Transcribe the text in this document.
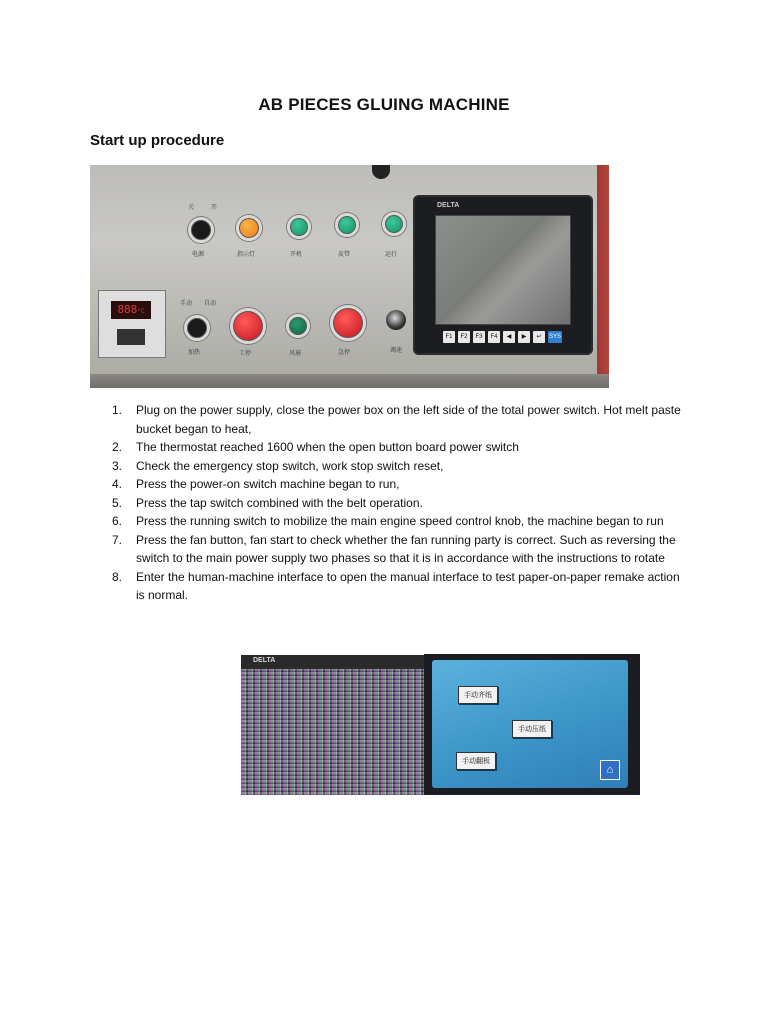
AB PIECES GLUING MACHINE
Start up procedure
关	开
电源	指示灯	开机	皮带	运行
888°C
手动 自动
加热	工停	风扇	急停	调速
DELTA
F1	F2	F3	F4	◀	▶	↵	SYS
1. Plug on the power supply, close the power box on the left side of the total power switch. Hot melt paste bucket began to heat,
2. The thermostat reached 1600 when the open button board power switch
3. Check the emergency stop switch, work stop switch reset,
4. Press the power-on switch machine began to run,
5. Press the tap switch combined with the belt operation.
6. Press the running switch to mobilize the main engine speed control knob, the machine began to run
7. Press the fan button, fan start to check whether the fan running party is correct. Such as reversing the switch to the main power supply two phases so that it is in accordance with the instructions to rotate
8. Enter the human-machine interface to open the manual interface to test paper-on-paper remake action is normal.
DELTA
手动齐纸
手动压纸
手动翻板
⌂
